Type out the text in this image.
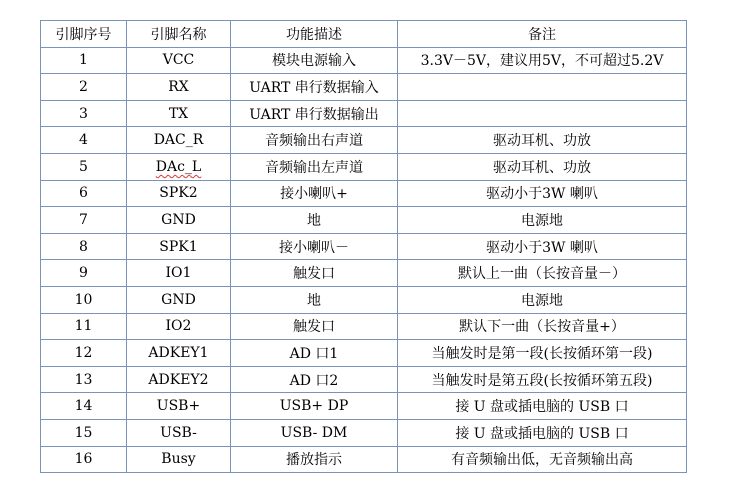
引脚序号	引脚名称	功能描述	备注
1	VCC	模块电源输入	3.3V－5V，建议用5V，不可超过5.2V
2	RX	UART 串行数据输入	
3	TX	UART 串行数据输出	
4	DAC_R	音频输出右声道	驱动耳机、功放
5	DAc_L	音频输出左声道	驱动耳机、功放
6	SPK2	接小喇叭+	驱动小于3W 喇叭
7	GND	地	电源地
8	SPK1	接小喇叭－	驱动小于3W 喇叭
9	IO1	触发口	默认上一曲（长按音量－）
10	GND	地	电源地
11	IO2	触发口	默认下一曲（长按音量+）
12	ADKEY1	AD 口1	当触发时是第一段(长按循环第一段)
13	ADKEY2	AD 口2	当触发时是第五段(长按循环第五段)
14	USB+	USB+ DP	接 U 盘或插电脑的 USB 口
15	USB-	USB- DM	接 U 盘或插电脑的 USB 口
16	Busy	播放指示	有音频输出低，无音频输出高
